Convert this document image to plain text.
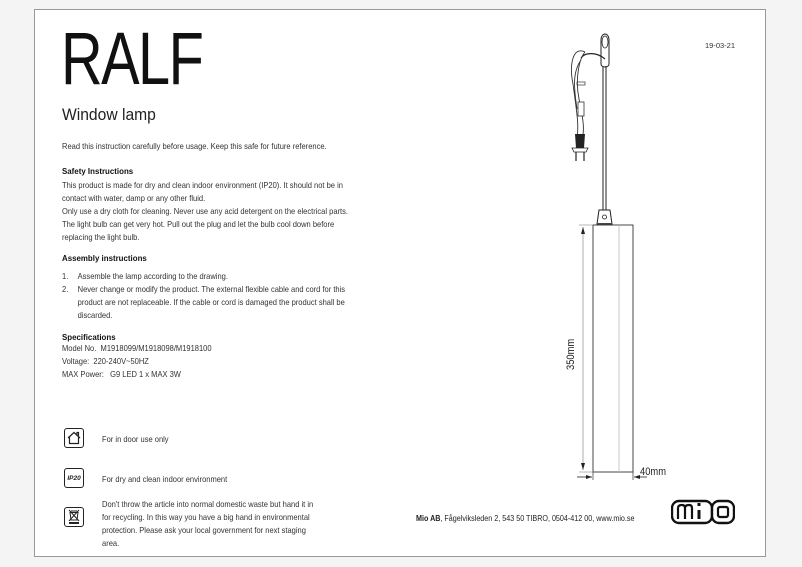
RALF
Window lamp
19-03-21
Read this instruction carefully before usage. Keep this safe for future reference.
Safety Instructions
This product is made for dry and clean indoor environment (IP20). It should not be in
contact with water, damp or any other fluid.
Only use a dry cloth for cleaning. Never use any acid detergent on the electrical parts.
The light bulb can get very hot. Pull out the plug and let the bulb cool down before
replacing the light bulb.
Assembly instructions
1. Assemble the lamp according to the drawing.
2. Never change or modify the product. The external flexible cable and cord for this
product are not replaceable. If the cable or cord is damaged the product shall be
discarded.
Specifications
Model No. M1918099/M1918098/M1918100
Voltage: 220-240V~50HZ
MAX Power: G9 LED 1 x MAX 3W
For in door use only
IP20	For dry and clean indoor environment
Don't throw the article into normal domestic waste but hand it in
for recycling. In this way you have a big hand in environmental
protection. Please ask your local government for next staging
area.
350mm
40mm
Mio AB, Fågelviksleden 2, 543 50 TIBRO, 0504-412 00, www.mio.se
